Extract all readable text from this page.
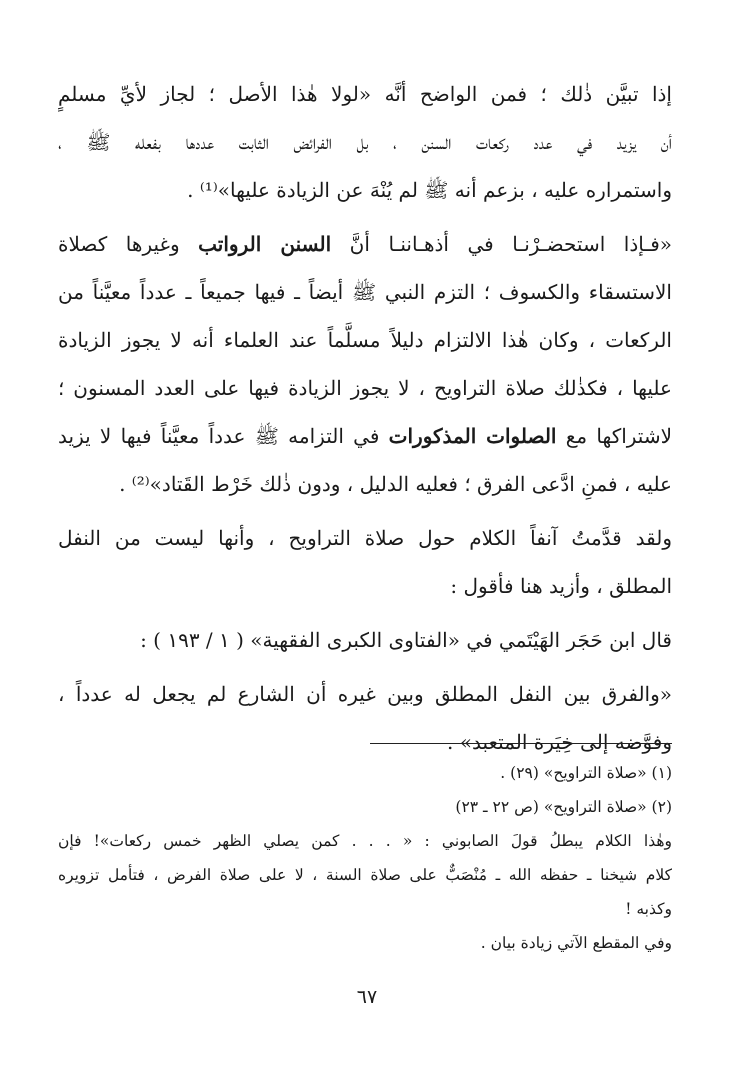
إذا تبيَّن ذٰلك ؛ فمن الواضح أنَّه «لولا هٰذا الأصل ؛ لجاز لأيِّ مسلمٍ
أن يزيد في عدد ركعات السنن ، بل الفرائض الثابت عددها بفعله ﷺ ،
واستمراره عليه ، بزعم أنه ﷺ لم يُنْهَ عن الزيادة عليها»⁽¹⁾ .
«فـإذا استحضـرْنـا في أذهـاننـا أنَّ السنن الرواتب وغيرها كصلاة
الاستسقاء والكسوف ؛ التزم النبي ﷺ أيضاً ـ فيها جميعاً ـ عدداً معيَّناً من
الركعات ، وكان هٰذا الالتزام دليلاً مسلَّماً عند العلماء أنه لا يجوز الزيادة
عليها ، فكذٰلك صلاة التراويح ، لا يجوز الزيادة فيها على العدد المسنون ؛
لاشتراكها مع الصلوات المذكورات في التزامه ﷺ عدداً معيَّناً فيها لا يزيد
عليه ، فمنِ ادَّعى الفرق ؛ فعليه الدليل ، ودون ذٰلك خَرْط القَتاد»⁽²⁾ .
ولقد قدَّمتُ آنفاً الكلام حول صلاة التراويح ، وأنها ليست من النفل
المطلق ، وأزيد هنا فأقول :
قال ابن حَجَر الهَيْتَمي في «الفتاوى الكبرى الفقهية» ( ١ / ١٩٣ ) :
«والفرق بين النفل المطلق وبين غيره أن الشارع لم يجعل له عدداً ،
وفوَّضه إلى خِيَرة المتعبد» .
(١) «صلاة التراويح» (٢٩) .
(٢) «صلاة التراويح» (ص ٢٢ ـ ٢٣)
وهٰذا الكلام يبطلُ قولَ الصابوني : « . . . كمن يصلي الظهر خمس ركعات»! فإن
كلام شيخنا ـ حفظه الله ـ مُنْصَبٌّ على صلاة السنة ، لا على صلاة الفرض ، فتأمل تزويره
وكذبه !
وفي المقطع الآتي زيادة بيان .
٦٧
